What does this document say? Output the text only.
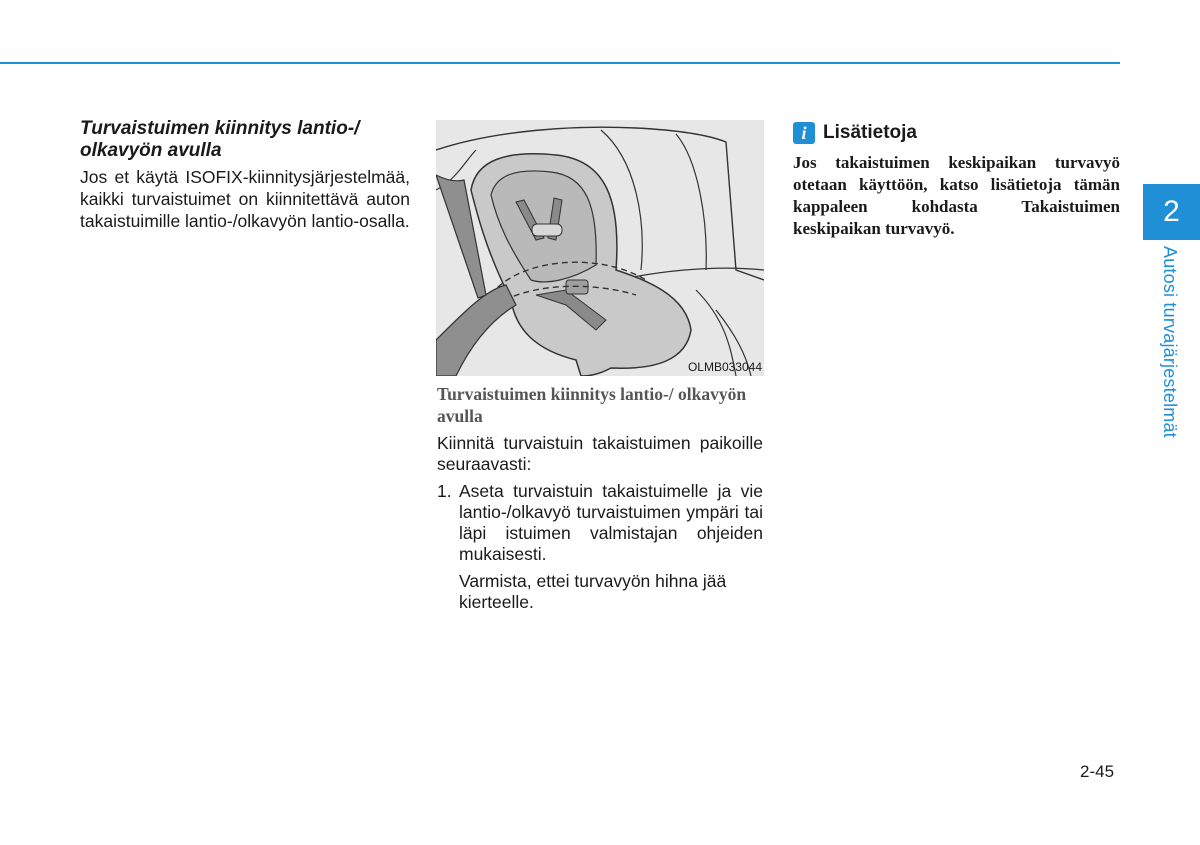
Turvaistuimen kiinnitys lantio-/ olkavyön avulla

Jos et käytä ISOFIX-kiinnitysjärjestelmää, kaikki turvaistuimet on kiinnitettävä auton takaistuimille lantio-/olkavyön lantio-osalla.

OLMB033044

Turvaistuimen kiinnitys lantio-/ olkavyön avulla

Kiinnitä turvaistuin takaistuimen paikoille seuraavasti:

1. Aseta turvaistuin takaistuimelle ja vie lantio-/olkavyö turvaistuimen ympäri tai läpi istuimen valmistajan ohjeiden mukaisesti.

Varmista, ettei turvavyön hihna jää kierteelle.

i Lisätietoja

Jos takaistuimen keskipaikan turvavyö otetaan käyttöön, katso lisätietoja tämän kappaleen kohdasta Takaistuimen keskipaikan turvavyö.

2
Autosi turvajärjestelmät
2-45
